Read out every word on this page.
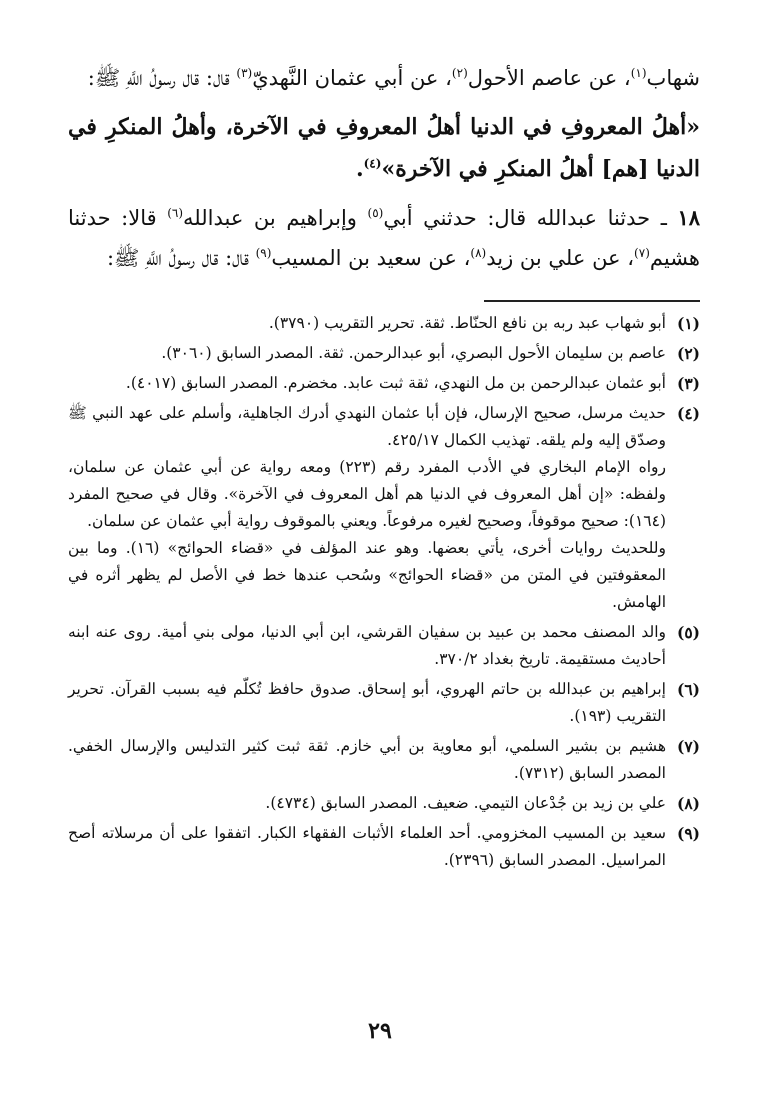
شهاب$^{(١)}$، عن عاصم الأحول$^{(٢)}$، عن أبي عثمان النَّهديّ$^{(٣)}$ قال: قال رسولُ اللَّهِ ﷺ:

«أهلُ المعروفِ في الدنيا أهلُ المعروفِ في الآخرة، وأهلُ المنكرِ في الدنيا [هم] أهلُ المنكرِ في الآخرة»$^{(٤)}$.

١٨ ـ حدثنا عبدالله قال: حدثني أبي$^{(٥)}$ وإبراهيم بن عبدالله$^{(٦)}$ قالا: حدثنا هشيم$^{(٧)}$، عن علي بن زيد$^{(٨)}$، عن سعيد بن المسيب$^{(٩)}$ قال: قال رسولُ اللَّهِ ﷺ:

(١)

أبو شهاب عبد ربه بن نافع الحنّاط. ثقة. تحرير التقريب (٣٧٩٠).

(٢)

عاصم بن سليمان الأحول البصري، أبو عبدالرحمن. ثقة. المصدر السابق (٣٠٦٠).

(٣)

أبو عثمان عبدالرحمن بن مل النهدي، ثقة ثبت عابد. مخضرم. المصدر السابق (٤٠١٧).

(٤)

حديث مرسل، صحيح الإرسال، فإن أبا عثمان النهدي أدرك الجاهلية، وأسلم على عهد النبي ﷺ وصدّق إليه ولم يلقه. تهذيب الكمال ٤٢٥/١٧.

رواه الإمام البخاري في الأدب المفرد رقم (٢٢٣) ومعه رواية عن أبي عثمان عن سلمان، ولفظه: «إن أهل المعروف في الدنيا هم أهل المعروف في الآخرة». وقال في صحيح المفرد (١٦٤): صحيح موقوفاً، وصحيح لغيره مرفوعاً. ويعني بالموقوف رواية أبي عثمان عن سلمان.

وللحديث روايات أخرى، يأتي بعضها. وهو عند المؤلف في «قضاء الحوائج» (١٦). وما بين المعقوفتين في المتن من «قضاء الحوائج» وسُحب عندها خط في الأصل لم يظهر أثره في الهامش.

(٥)

والد المصنف محمد بن عبيد بن سفيان القرشي، ابن أبي الدنيا، مولى بني أمية. روى عنه ابنه أحاديث مستقيمة. تاريخ بغداد ٣٧٠/٢.

(٦)

إبراهيم بن عبدالله بن حاتم الهروي، أبو إسحاق. صدوق حافظ تُكلّم فيه بسبب القرآن. تحرير التقريب (١٩٣).

(٧)

هشيم بن بشير السلمي، أبو معاوية بن أبي خازم. ثقة ثبت كثير التدليس والإرسال الخفي. المصدر السابق (٧٣١٢).

(٨)

علي بن زيد بن جُدْعان التيمي. ضعيف. المصدر السابق (٤٧٣٤).

(٩)

سعيد بن المسيب المخزومي. أحد العلماء الأثبات الفقهاء الكبار. اتفقوا على أن مرسلاته أصح المراسيل. المصدر السابق (٢٣٩٦).

٢٩
